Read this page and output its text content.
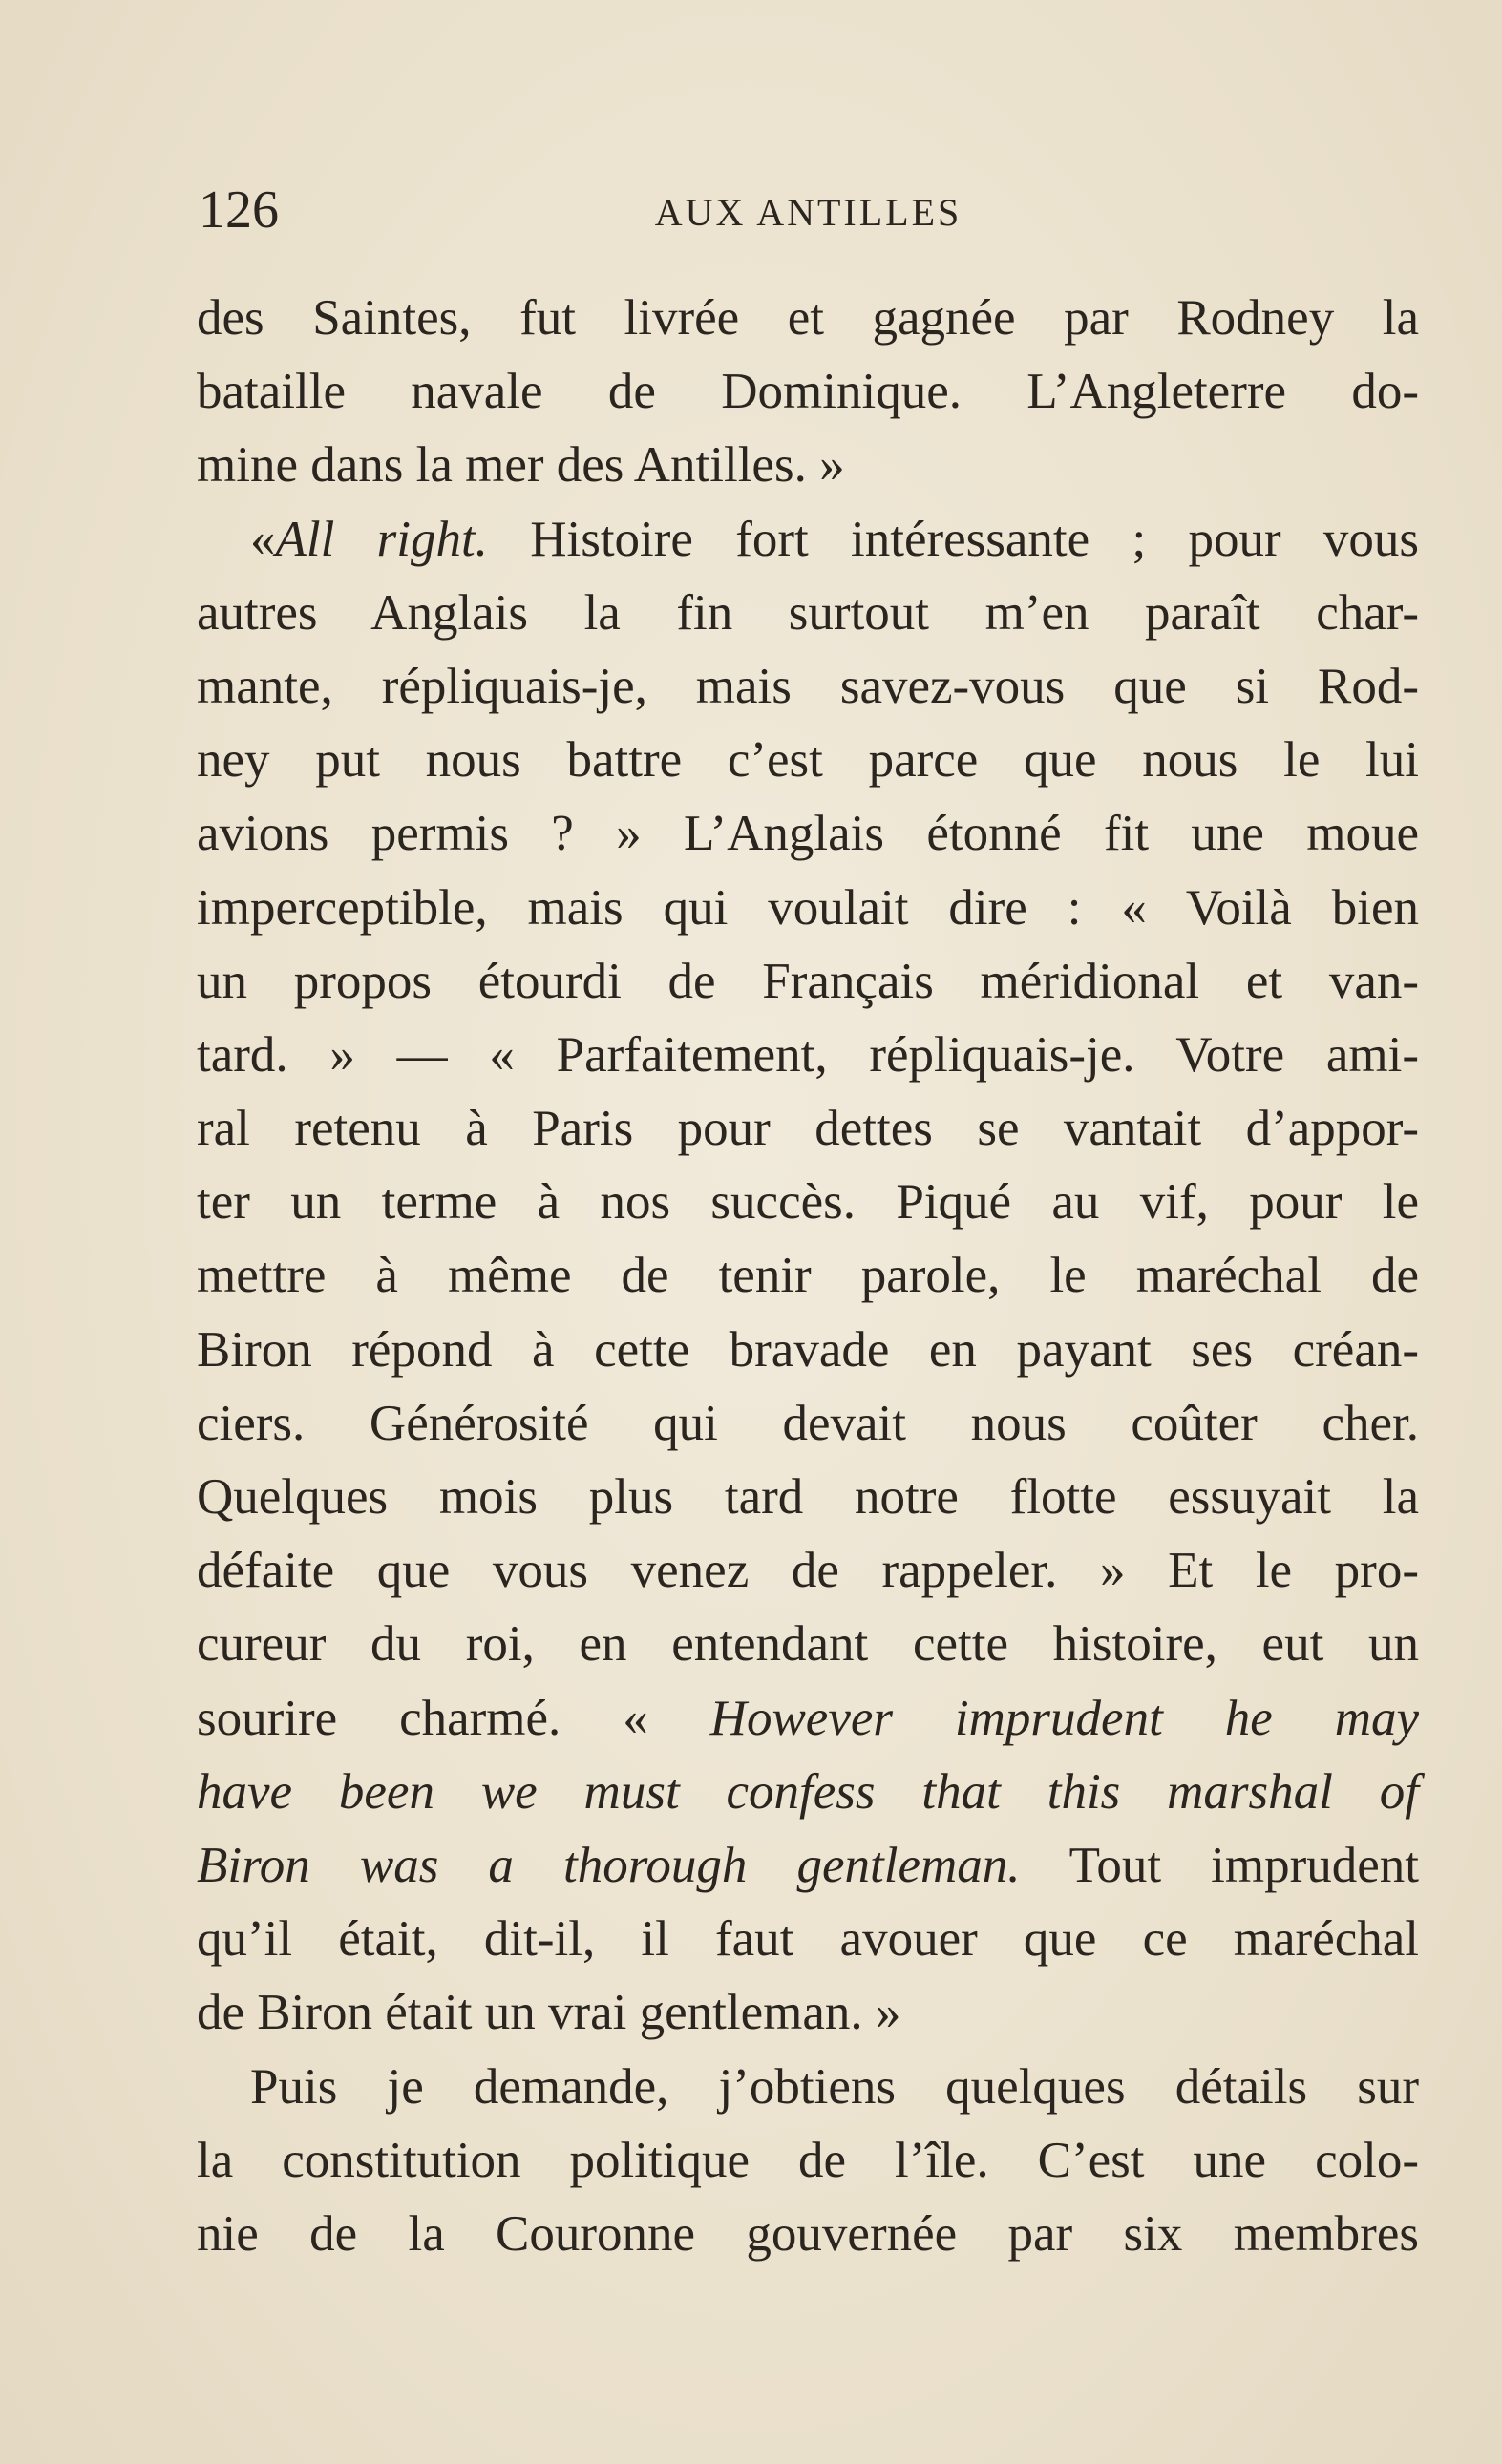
126	AUX ANTILLES
des Saintes, fut livrée et gagnée par Rodney la
bataille navale de Dominique. L’Angleterre do-
mine dans la mer des Antilles. »
«All right. Histoire fort intéressante ; pour vous
autres Anglais la fin surtout m’en paraît char-
mante, répliquais-je, mais savez-vous que si Rod-
ney put nous battre c’est parce que nous le lui
avions permis ? » L’Anglais étonné fit une moue
imperceptible, mais qui voulait dire : « Voilà bien
un propos étourdi de Français méridional et van-
tard. » — « Parfaitement, répliquais-je. Votre ami-
ral retenu à Paris pour dettes se vantait d’appor-
ter un terme à nos succès. Piqué au vif, pour le
mettre à même de tenir parole, le maréchal de
Biron répond à cette bravade en payant ses créan-
ciers. Générosité qui devait nous coûter cher.
Quelques mois plus tard notre flotte essuyait la
défaite que vous venez de rappeler. » Et le pro-
cureur du roi, en entendant cette histoire, eut un
sourire charmé. « However imprudent he may
have been we must confess that this marshal of
Biron was a thorough gentleman. Tout imprudent
qu’il était, dit-il, il faut avouer que ce maréchal
de Biron était un vrai gentleman. »
Puis je demande, j’obtiens quelques détails sur
la constitution politique de l’île. C’est une colo-
nie de la Couronne gouvernée par six membres
